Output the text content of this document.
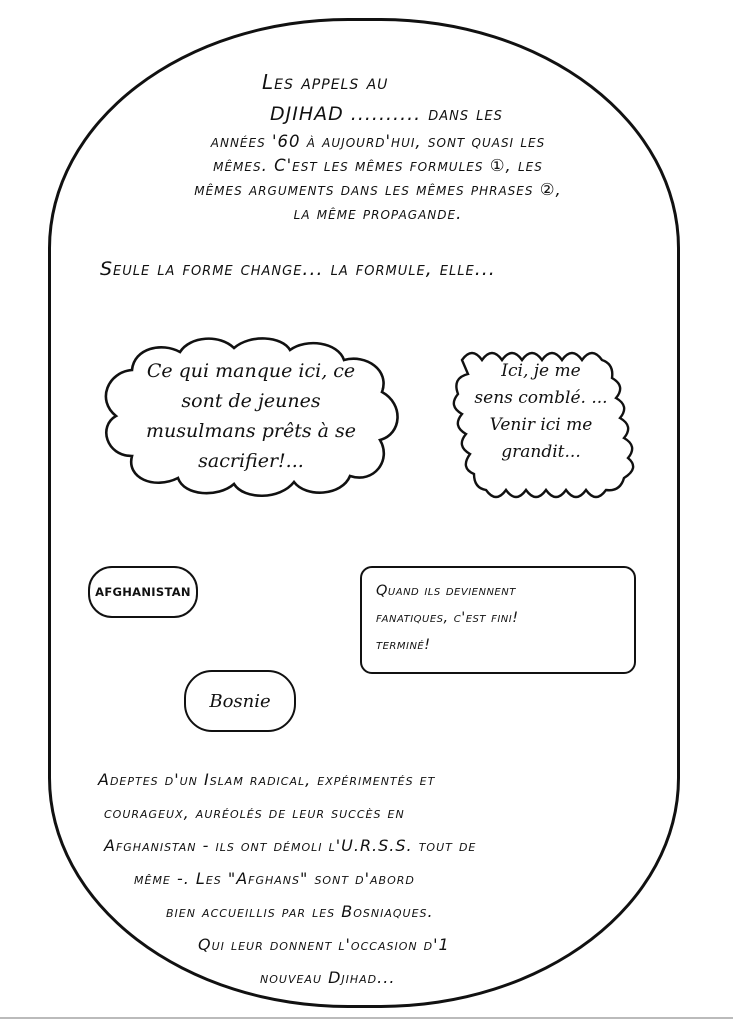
Les appels au
DJIHAD .......... dans les
années '60 à aujourd'hui, sont quasi les
mêmes. C'est les mêmes formules ①, les
mêmes arguments dans les mêmes phrases ②,
la même propagande.
Seule la forme change... la formule, elle...
Ce qui manque ici, ce
sont de jeunes
musulmans prêts à se
sacrifier!...
Ici, je me
sens comblé. ...
Venir ici me
grandit...
AFGHANISTAN	Quand ils deviennent
fanatiques, c'est fini!
terminé!
Bosnie
Adeptes d'un Islam radical, expérimentés et
courageux, auréolés de leur succès en
Afghanistan - ils ont démoli l'U.R.S.S. tout de
même -. Les "Afghans" sont d'abord
bien accueillis par les Bosniaques.
Qui leur donnent l'occasion d'1
nouveau Djihad...
